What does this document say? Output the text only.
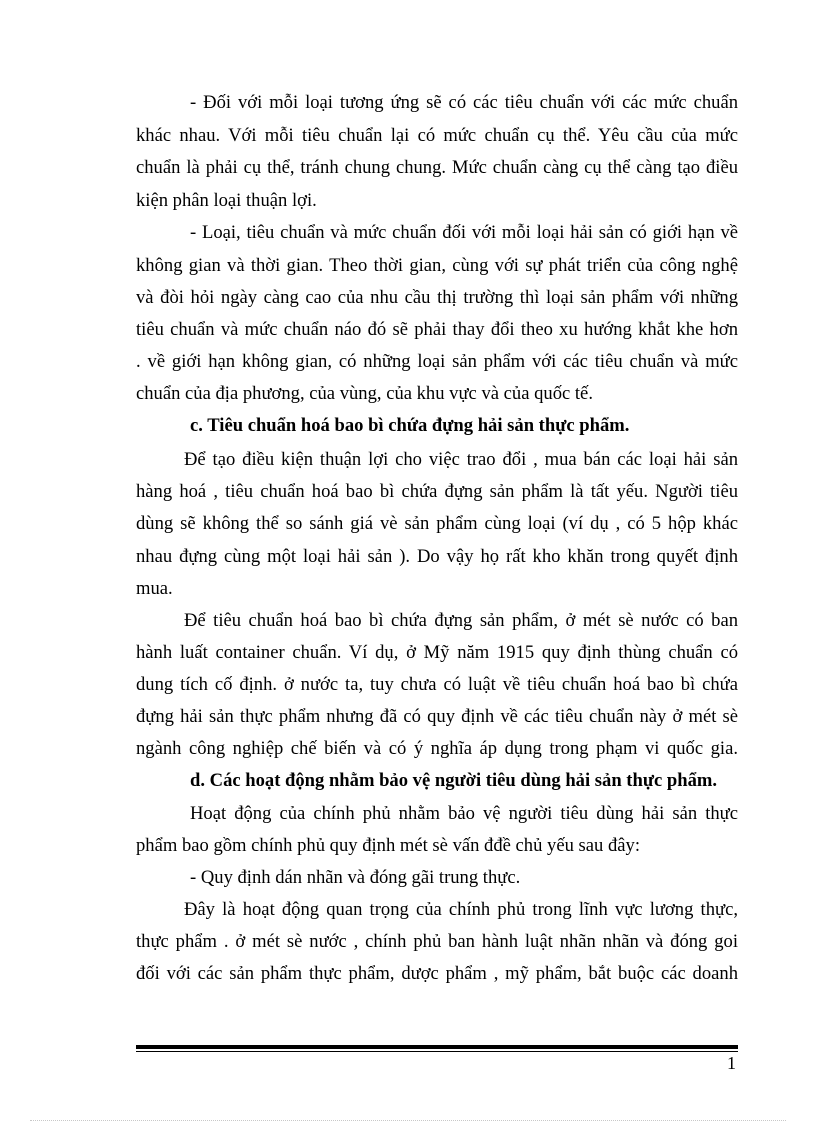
- Đối với mỗi loại tương ứng sẽ có các tiêu chuẩn với các mức chuẩn

khác nhau. Với mỗi tiêu chuẩn lại có mức chuẩn cụ thể. Yêu cầu của mức

chuẩn là phải cụ thể, tránh chung chung. Mức chuẩn càng cụ thể càng tạo điều

kiện phân loại thuận lợi.

- Loại, tiêu chuẩn và mức chuẩn đối với mỗi loại hải sản có giới hạn về

không gian và thời gian. Theo thời gian, cùng với sự phát triển của công nghệ

và đòi hỏi ngày càng cao của nhu cầu thị trường thì loại sản phẩm với những

tiêu chuẩn và mức chuẩn náo đó sẽ phải thay đổi theo xu hướng khắt khe hơn

. về giới hạn không gian, có những loại sản phẩm với các tiêu chuẩn và mức

chuẩn của địa phương, của vùng, của khu vực và của quốc tế.

c. Tiêu chuẩn hoá bao bì chứa đựng hải sản thực phẩm.

Để tạo điều kiện thuận lợi cho việc trao đổi , mua bán các loại hải sản

hàng hoá , tiêu chuẩn hoá bao bì chứa đựng sản phẩm là tất yếu. Người tiêu

dùng sẽ không thể so sánh giá vè sản phẩm cùng loại (ví dụ , có 5 hộp khác

nhau đựng cùng một loại hải sản ). Do vậy họ rất kho khăn trong quyết định

mua.

Để tiêu chuẩn hoá bao bì chứa đựng sản phẩm, ở mét sè nước có ban

hành luất container chuẩn. Ví dụ, ở Mỹ năm 1915 quy định thùng chuẩn có

dung tích cố định. ở nước ta, tuy chưa có luật về tiêu chuẩn hoá bao bì chứa

đựng hải sản thực phẩm nhưng đã có quy định về các tiêu chuẩn này ở mét sè

ngành công nghiệp chế biến và có ý nghĩa áp dụng trong phạm vi quốc gia.

d. Các hoạt động nhằm bảo vệ người tiêu dùng hải sản thực phẩm.

Hoạt động của chính phủ nhằm bảo vệ người tiêu dùng hải sản thực

phẩm bao gồm chính phủ quy định mét sè vấn đđề chủ yếu sau đây:

- Quy định dán nhãn và đóng gãi trung thực.

Đây là hoạt động quan trọng của chính phủ trong lĩnh vực lương thực,

thực phẩm . ở mét sè nước , chính phủ ban hành luật nhãn nhãn và đóng goi

đối với các sản phẩm thực phẩm, dược phẩm , mỹ phẩm, bắt buộc các doanh

1
